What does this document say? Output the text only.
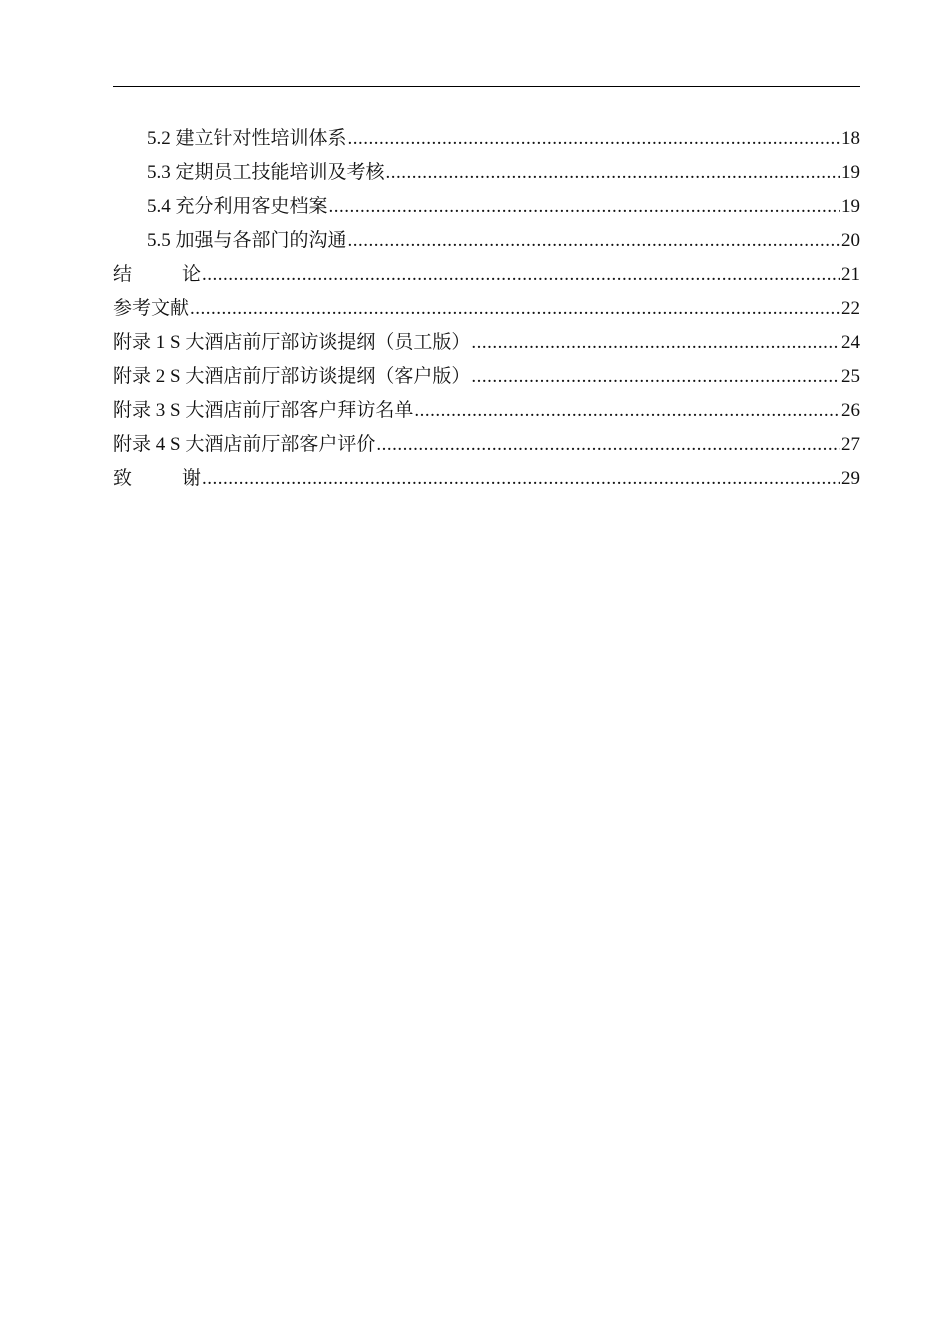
5.2 建立针对性培训体系 .....	18
5.3 定期员工技能培训及考核 .....	19
5.4 充分利用客史档案 .....	19
5.5 加强与各部门的沟通 .....	20
结	论 .....	21
参考文献 .....	22
附录 1 S 大酒店前厅部访谈提纲（员工版） .....	24
附录 2 S 大酒店前厅部访谈提纲（客户版） .....	25
附录 3 S 大酒店前厅部客户拜访名单 .....	26
附录 4 S 大酒店前厅部客户评价 .....	27
致	谢 .....	29
